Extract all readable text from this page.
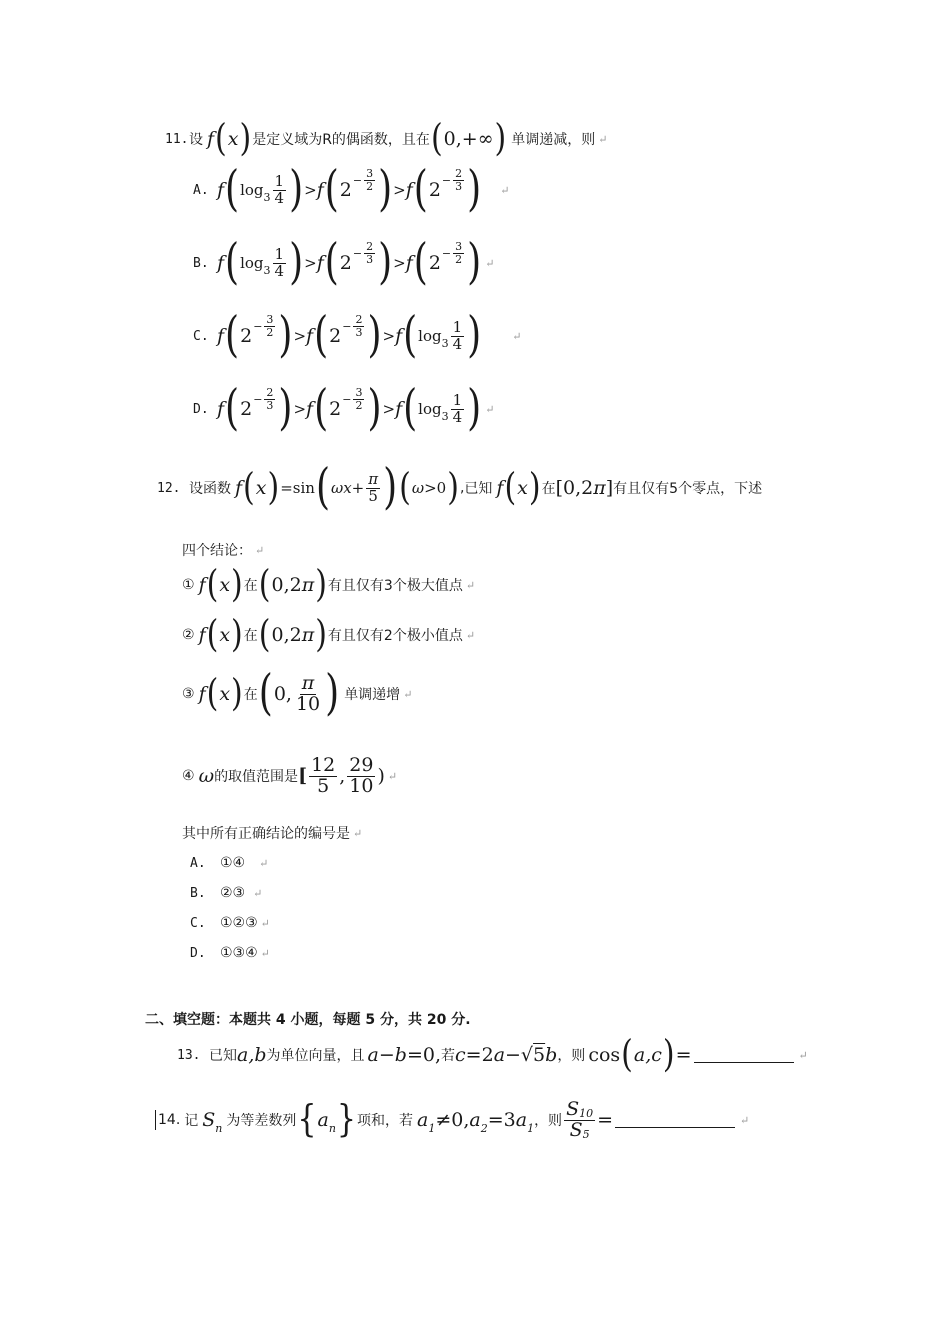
11. 设 f ( x ) 是定义域为R的偶函数，且在 ( 0,+∞ ) 单调递减，则 ↵
A. f ( $\log_3 \frac{1}{4}$ ) > f ( $2 - \frac{3}{2}$ ) > f ( $2 - \frac{2}{3}$ ) ↵
B. f ( $\log_3 \frac{1}{4}$ ) > f ( $2 - \frac{2}{3}$ ) > f ( $2 - \frac{3}{2}$ ) ↵
C. f ( $2 - \frac{3}{2}$ ) > f ( $2 - \frac{2}{3}$ ) > f ( $\log_3 \frac{1}{4}$ )	↵
D. f ( $2 - \frac{2}{3}$ ) > f ( $2 - \frac{3}{2}$ ) > f ( $\log_3 \frac{1}{4}$ ) ↵
12. 设函数 f ( x ) =sin ( $\omega x+ \frac{\pi}{5}$ ) ( ω >0 ) , 已知 f ( x ) 在 [0,2π] 有且仅有5个零点，下述
四个结论： ↵
① f ( x ) 在 ( 0,2π ) 有且仅有3个极大值点 ↵
② f ( x ) 在 ( 0,2π ) 有且仅有2个极小值点 ↵
③ f ( x ) 在 ( 0, $\frac{\pi}{10}$ ) 单调递增 ↵
④ ω 的取值范围是 [ $\frac{12}{5}$ , $\frac{29}{10}$ ) ↵
其中所有正确结论的编号是 ↵
A. ①④ ↵
B. ②③ ↵
C. ①②③ ↵
D. ①③④ ↵
二、填空题：本题共 4 小题，每题 5 分，共 20 分.
13. 已知 a,b 为单位向量，且 a−b =0, 若 c =2 a −√5 b ，则 cos ( a,c ) =	↵
14. 记 $S_n$ 为等差数列 { $a_n$ } 项和，若 $a_1 \ne 0$, $a_2 =3$ $a_1$ ，则 $\frac{S10}{S5}$ =	↵
